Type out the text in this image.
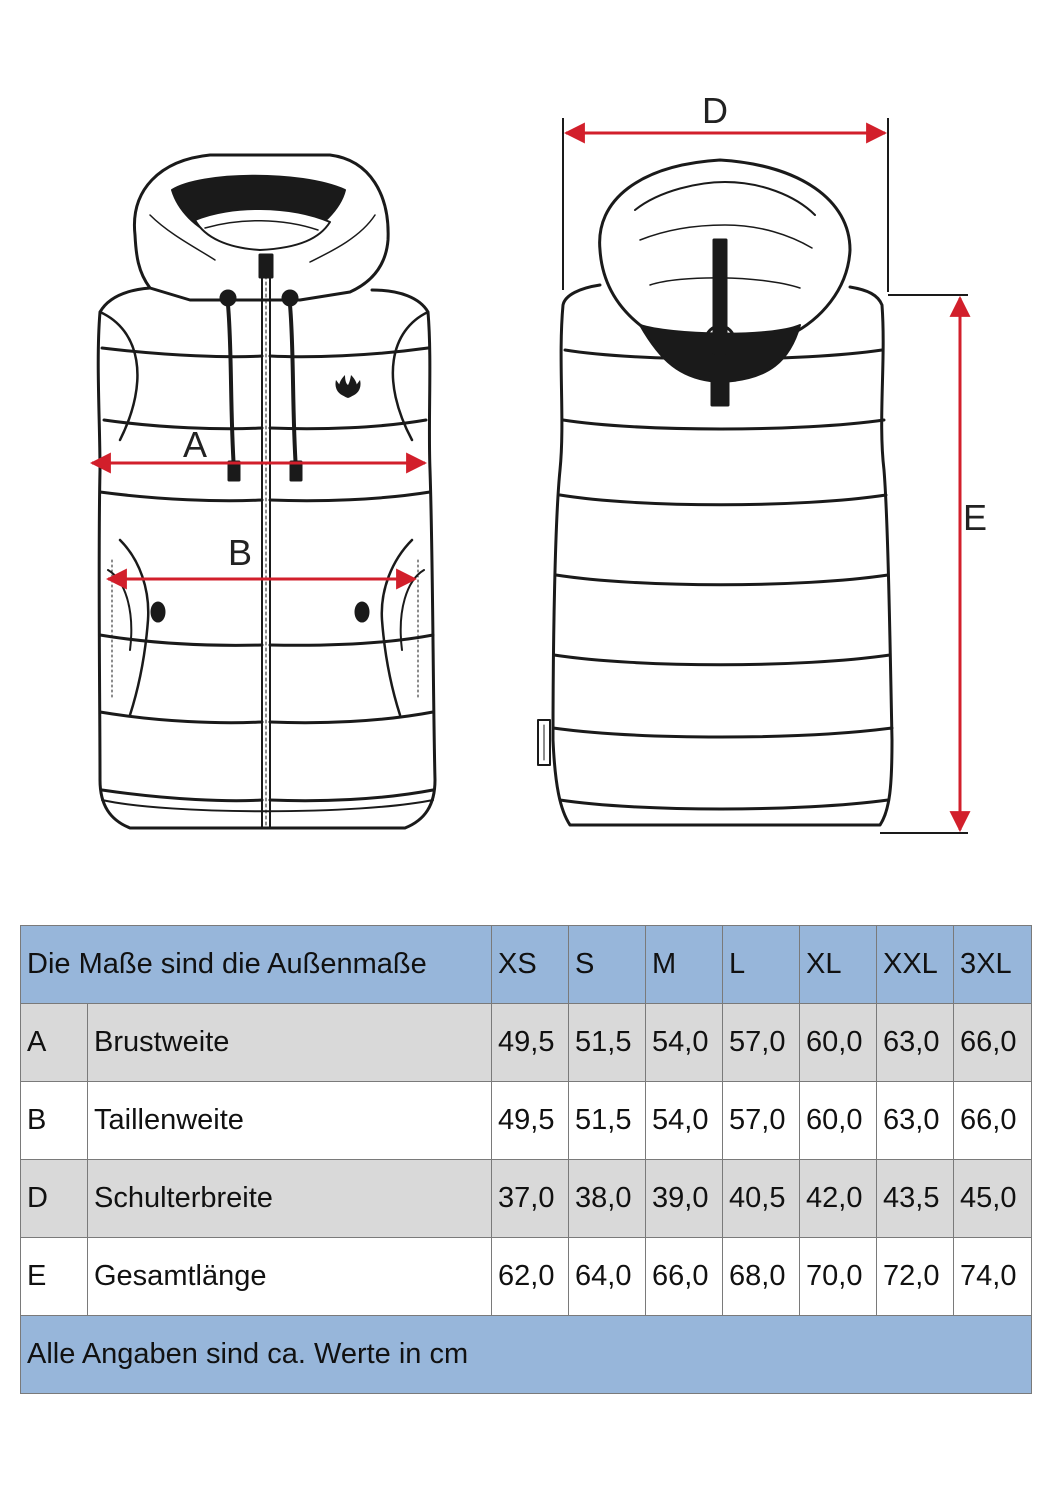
A
B
D
E
Die Maße sind die Außenmaße		XS	S	M	L	XL	XXL	3XL
A	Brustweite	49,5	51,5	54,0	57,0	60,0	63,0	66,0
B	Taillenweite	49,5	51,5	54,0	57,0	60,0	63,0	66,0
D	Schulterbreite	37,0	38,0	39,0	40,5	42,0	43,5	45,0
E	Gesamtlänge	62,0	64,0	66,0	68,0	70,0	72,0	74,0
Alle Angaben sind ca. Werte in cm								
